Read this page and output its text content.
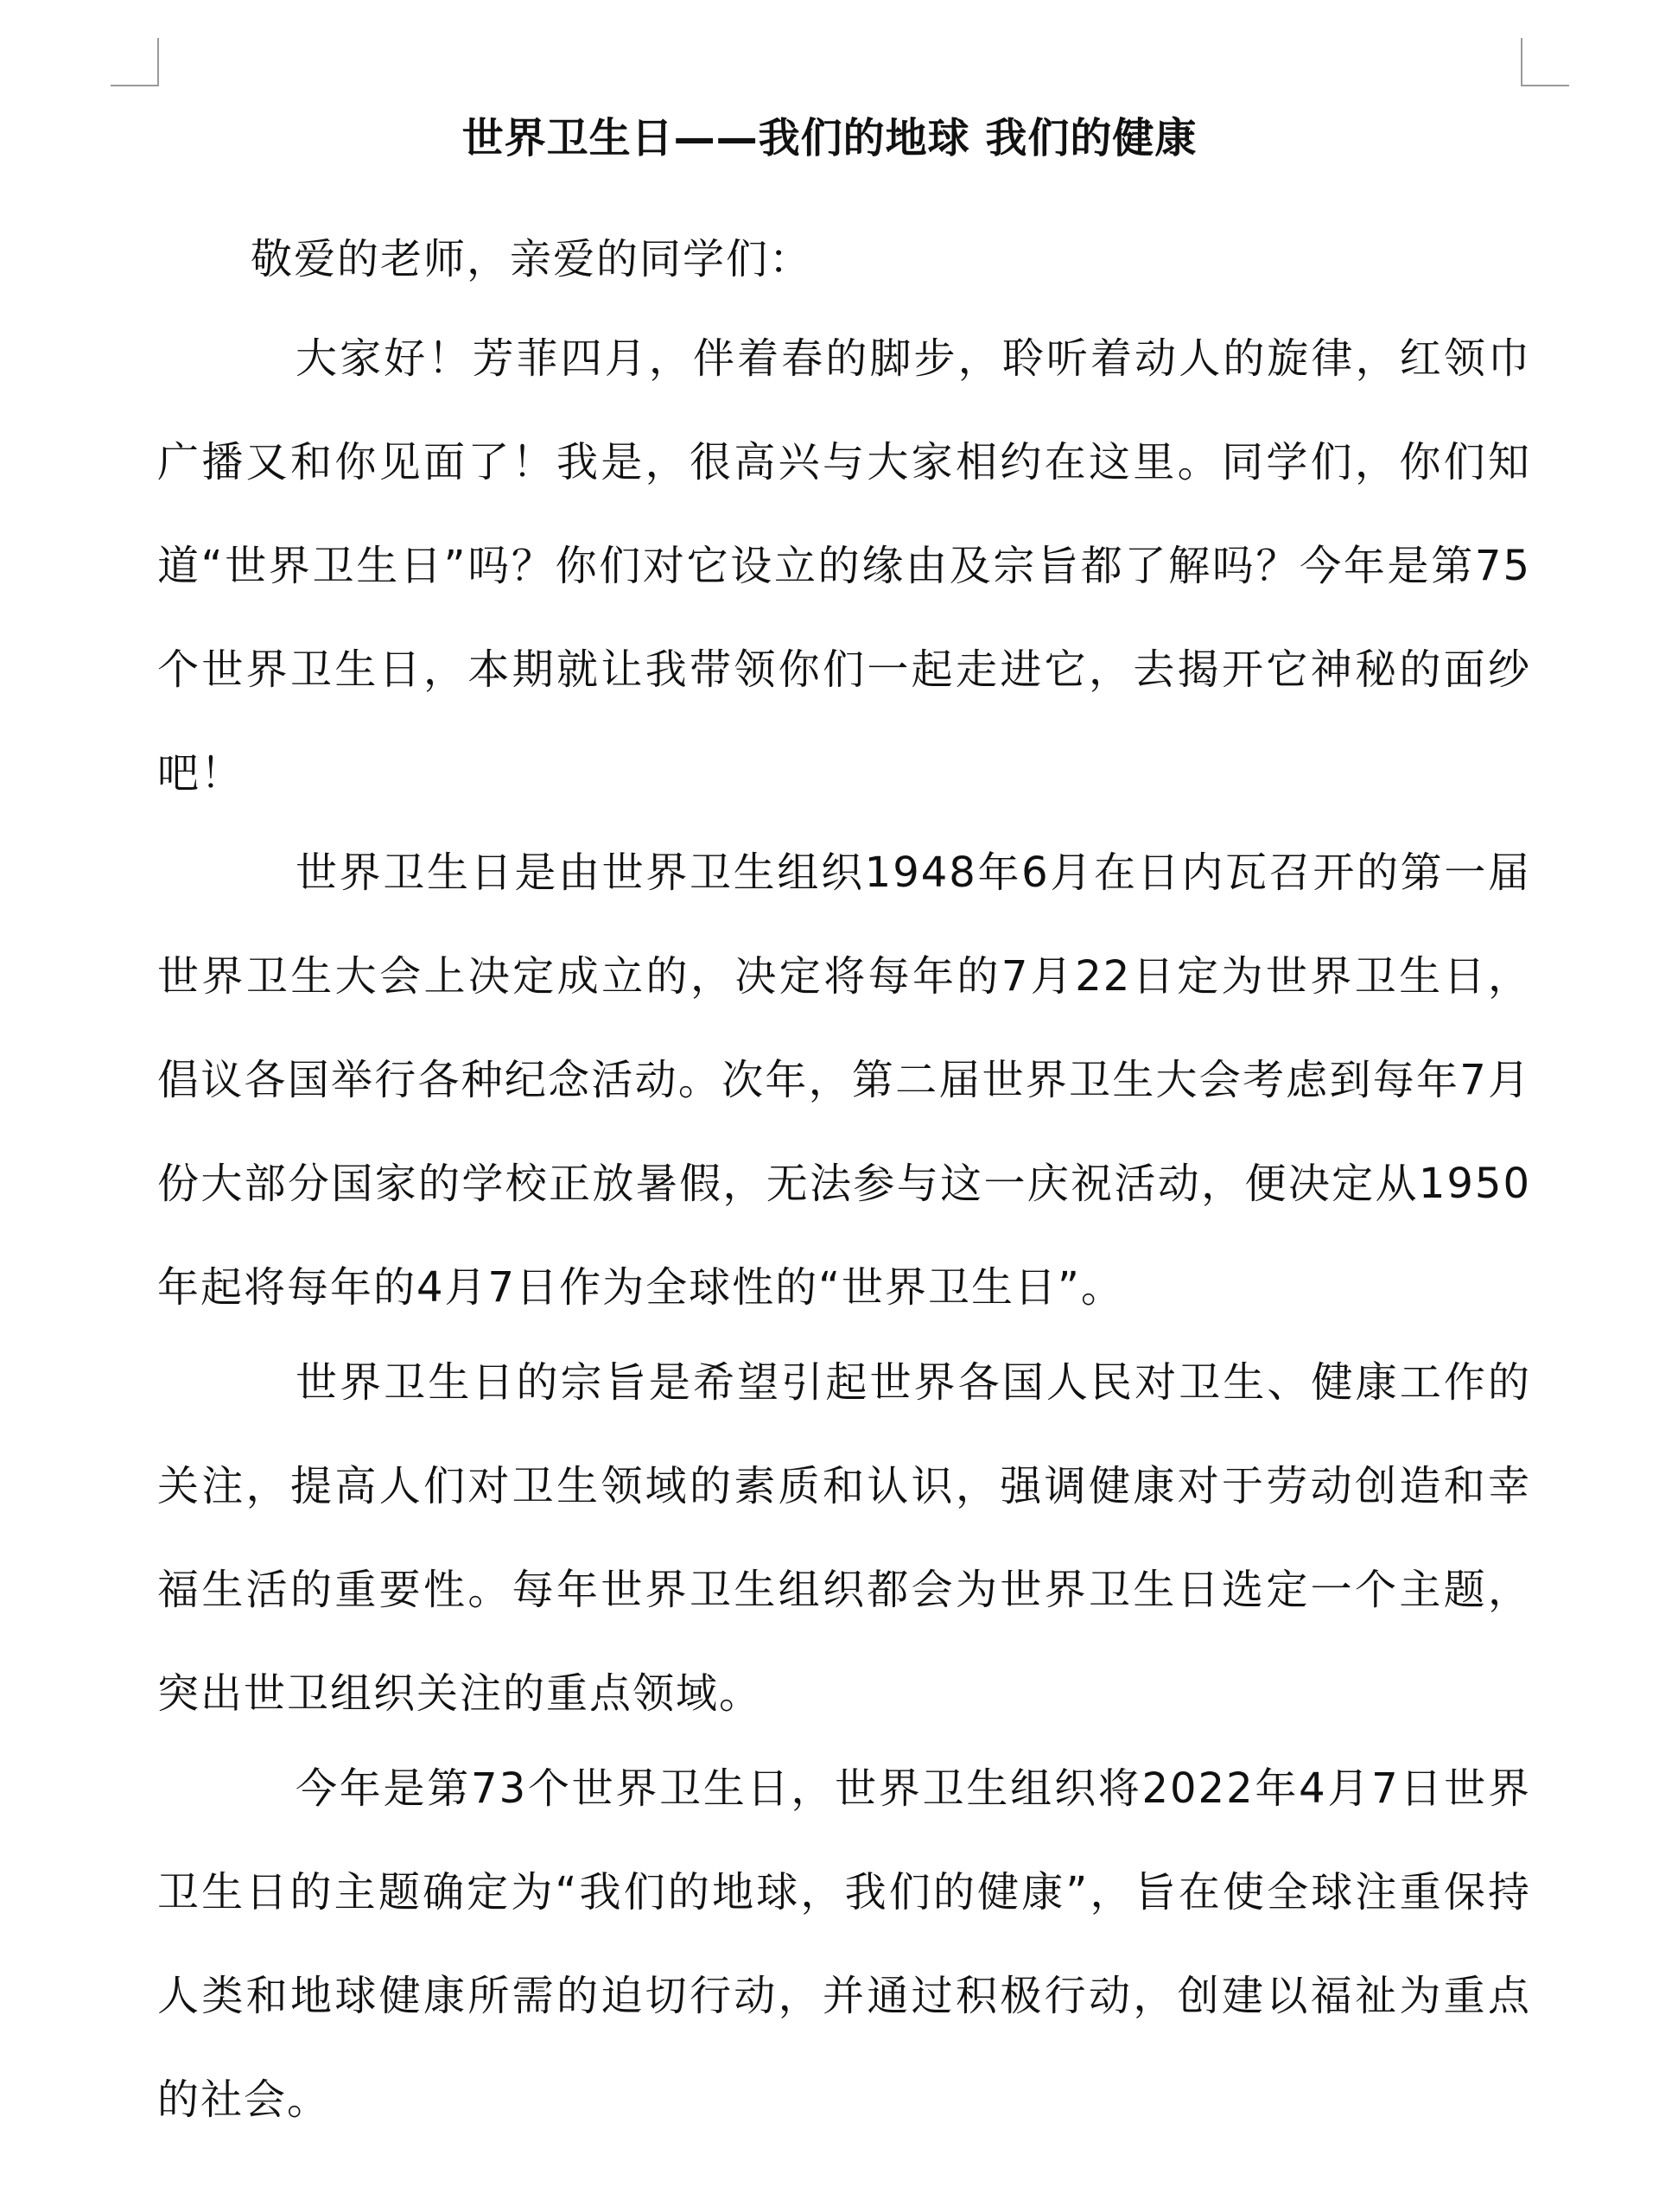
世界卫生日——我们的地球 我们的健康

敬爱的老师，亲爱的同学们：

大家好！芳菲四月，伴着春的脚步，聆听着动人的旋律，红领巾广播又和你见面了！我是，很高兴与大家相约在这里。同学们，你们知道“世界卫生日”吗？你们对它设立的缘由及宗旨都了解吗？今年是第75个世界卫生日，本期就让我带领你们一起走进它，去揭开它神秘的面纱吧！

世界卫生日是由世界卫生组织1948年6月在日内瓦召开的第一届世界卫生大会上决定成立的，决定将每年的7月22日定为世界卫生日，倡议各国举行各种纪念活动。次年，第二届世界卫生大会考虑到每年7月份大部分国家的学校正放暑假，无法参与这一庆祝活动，便决定从1950年起将每年的4月7日作为全球性的“世界卫生日”。

世界卫生日的宗旨是希望引起世界各国人民对卫生、健康工作的关注，提高人们对卫生领域的素质和认识，强调健康对于劳动创造和幸福生活的重要性。每年世界卫生组织都会为世界卫生日选定一个主题，突出世卫组织关注的重点领域。

今年是第73个世界卫生日，世界卫生组织将2022年4月7日世界卫生日的主题确定为“我们的地球，我们的健康”，旨在使全球注重保持人类和地球健康所需的迫切行动，并通过积极行动，创建以福祉为重点的社会。
